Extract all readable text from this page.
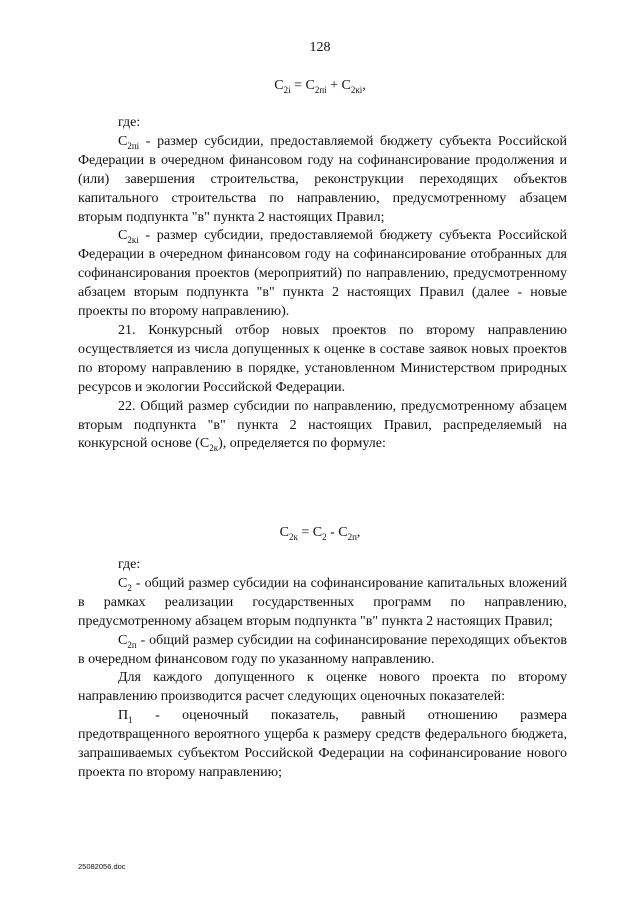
128
$C_{2i} = C_{2пi} + C_{2кi}$,

где:

$C_{2пi}$ - размер субсидии, предоставляемой бюджету субъекта Российской Федерации в очередном финансовом году на софинансирование продолжения и (или) завершения строительства, реконструкции переходящих объектов капитального строительства по направлению, предусмотренному абзацем вторым подпункта "в" пункта 2 настоящих Правил;

$C_{2кi}$ - размер субсидии, предоставляемой бюджету субъекта Российской Федерации в очередном финансовом году на софинансирование отобранных для софинансирования проектов (мероприятий) по направлению, предусмотренному абзацем вторым подпункта "в" пункта 2 настоящих Правил (далее - новые проекты по второму направлению).

21. Конкурсный отбор новых проектов по второму направлению осуществляется из числа допущенных к оценке в составе заявок новых проектов по второму направлению в порядке, установленном Министерством природных ресурсов и экологии Российской Федерации.

22. Общий размер субсидии по направлению, предусмотренному абзацем вторым подпункта "в" пункта 2 настоящих Правил, распределяемый на конкурсной основе $(C_{2к})$, определяется по формуле:

$C_{2к} = C_2 - C_{2п}$,

где:

$C_2$ - общий размер субсидии на софинансирование капитальных вложений в рамках реализации государственных программ по направлению, предусмотренному абзацем вторым подпункта "в" пункта 2 настоящих Правил;

$C_{2п}$ - общий размер субсидии на софинансирование переходящих объектов в очередном финансовом году по указанному направлению.

Для каждого допущенного к оценке нового проекта по второму направлению производится расчет следующих оценочных показателей:

$П_1$ - оценочный показатель, равный отношению размера предотвращенного вероятного ущерба к размеру средств федерального бюджета, запрашиваемых субъектом Российской Федерации на софинансирование нового проекта по второму направлению;

25082056.doc
